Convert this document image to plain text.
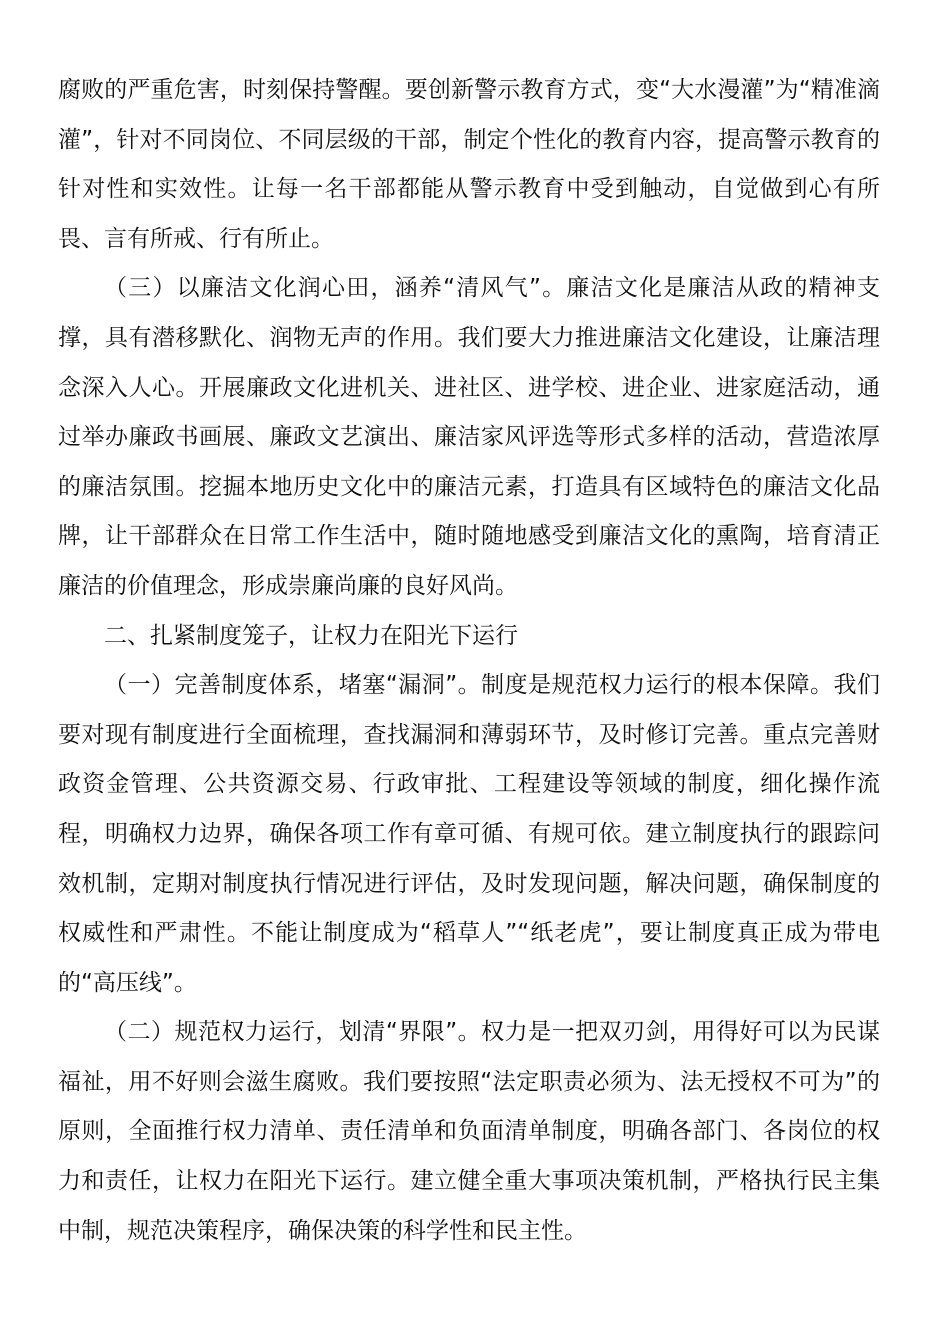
腐败的严重危害，时刻保持警醒。要创新警示教育方式，变“大水漫灌”为“精准滴灌”，针对不同岗位、不同层级的干部，制定个性化的教育内容，提高警示教育的针对性和实效性。让每一名干部都能从警示教育中受到触动，自觉做到心有所畏、言有所戒、行有所止。

（三）以廉洁文化润心田，涵养“清风气”。廉洁文化是廉洁从政的精神支撑，具有潜移默化、润物无声的作用。我们要大力推进廉洁文化建设，让廉洁理念深入人心。开展廉政文化进机关、进社区、进学校、进企业、进家庭活动，通过举办廉政书画展、廉政文艺演出、廉洁家风评选等形式多样的活动，营造浓厚的廉洁氛围。挖掘本地历史文化中的廉洁元素，打造具有区域特色的廉洁文化品牌，让干部群众在日常工作生活中，随时随地感受到廉洁文化的熏陶，培育清正廉洁的价值理念，形成崇廉尚廉的良好风尚。

二、扎紧制度笼子，让权力在阳光下运行

（一）完善制度体系，堵塞“漏洞”。制度是规范权力运行的根本保障。我们要对现有制度进行全面梳理，查找漏洞和薄弱环节，及时修订完善。重点完善财政资金管理、公共资源交易、行政审批、工程建设等领域的制度，细化操作流程，明确权力边界，确保各项工作有章可循、有规可依。建立制度执行的跟踪问效机制，定期对制度执行情况进行评估，及时发现问题，解决问题，确保制度的权威性和严肃性。不能让制度成为“稻草人”“纸老虎”，要让制度真正成为带电的“高压线”。

（二）规范权力运行，划清“界限”。权力是一把双刃剑，用得好可以为民谋福祉，用不好则会滋生腐败。我们要按照“法定职责必须为、法无授权不可为”的原则，全面推行权力清单、责任清单和负面清单制度，明确各部门、各岗位的权力和责任，让权力在阳光下运行。建立健全重大事项决策机制，严格执行民主集中制，规范决策程序，确保决策的科学性和民主性。
